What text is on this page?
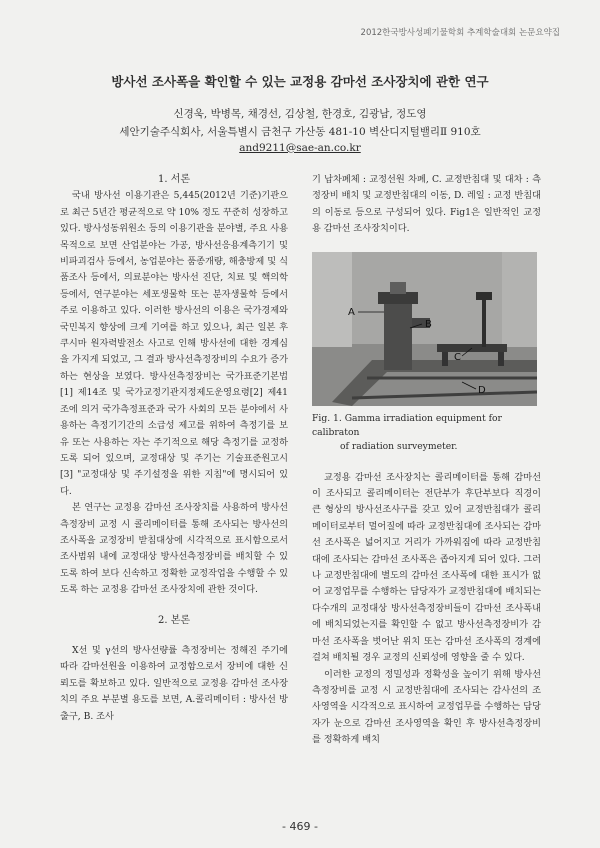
2012한국방사성폐기물학회 추계학술대회 논문요약집

방사선 조사폭을 확인할 수 있는 교정용 감마선 조사장치에 관한 연구

신경욱, 박병목, 채경선, 김상철, 한경호, 김광남, 정도영

세안기술주식회사, 서울특별시 금천구 가산동 481-10 벽산디지털밸리Ⅱ 910호

and9211@sae-an.co.kr

1. 서론

국내 방사선 이용기관은 5,445(2012년 기준)기관으로 최근 5년간 평균적으로 약 10% 정도 꾸준히 성장하고 있다. 방사성동위원소 등의 이용기관을 분야별, 주요 사용목적으로 보면 산업분야는 가공, 방사선응용계측기기 및 비파괴검사 등에서, 농업분야는 품종개량, 해충방제 및 식품조사 등에서, 의료분야는 방사선 진단, 치료 및 핵의학 등에서, 연구분야는 세포생물학 또는 분자생물학 등에서 주로 이용하고 있다. 이러한 방사선의 이용은 국가경제와 국민복지 향상에 크게 기여를 하고 있으나, 최근 일본 후쿠시마 원자력발전소 사고로 인해 방사선에 대한 경계심을 가지게 되었고, 그 결과 방사선측정장비의 수요가 증가하는 현상을 보였다. 방사선측정장비는 국가표준기본법[1] 제14조 및 국가교정기관지정제도운영요령[2] 제41조에 의거 국가측정표준과 국가 사회의 모든 분야에서 사용하는 측정기기간의 소급성 제고를 위하여 측정기를 보유 또는 사용하는 자는 주기적으로 해당 측정기를 교정하도록 되어 있으며, 교정대상 및 주기는 기술표준원고시[3] "교정대상 및 주기설정을 위한 지침"에 명시되어 있다.

본 연구는 교정용 감마선 조사장치를 사용하여 방사선측정장비 교정 시 콜리메이터를 통해 조사되는 방사선의 조사폭을 교정장비 받침대상에 시각적으로 표시함으로서 조사범위 내에 교정대상 방사선측정장비를 배치할 수 있도록 하여 보다 신속하고 정확한 교정작업을 수행할 수 있도록 하는 교정용 감마선 조사장치에 관한 것이다.

2. 본론

X선 및 γ선의 방사선량률 측정장비는 정해진 주기에 따라 감마선원을 이용하여 교정함으로서 장비에 대한 신뢰도를 확보하고 있다. 일반적으로 교정용 감마선 조사장치의 주요 부분별 용도를 보면, A.콜리메이터 : 방사선 방출구, B. 조사

기 납차폐체 : 교정선원 차폐, C. 교정반침대 및 대차 : 측정장비 배치 및 교정반침대의 이동, D. 레일 : 교정 반침대의 이동로 등으로 구성되어 있다. Fig1은 일반적인 교정용 감마선 조사장치이다.

A
B
C
D

Fig. 1. Gamma irradiation equipment for calibraton
of radiation surveymeter.

교정용 감마선 조사장치는 콜리메이터를 통해 감마선이 조사되고 콜리메이터는 전단부가 후단부보다 직경이 큰 형상의 방사선조사구를 갖고 있어 교정반침대가 콜리메이터로부터 멀어질에 따라 교정반침대에 조사되는 감마선 조사폭은 넓어지고 거리가 가까워짐에 따라 교정반침대에 조사되는 감마선 조사폭은 좁아지게 되어 있다. 그러나 교정반침대에 별도의 감마선 조사폭에 대한 표시가 없어 교정업무를 수행하는 담당자가 교정반침대에 배치되는 다수개의 교정대상 방사선측정장비들이 감마선 조사폭내에 배치되었는지를 확인할 수 없고 방사선측정장비가 감마선 조사폭을 벗어난 위치 또는 감마선 조사폭의 경계에 걸쳐 배치될 경우 교정의 신뢰성에 영향을 줄 수 있다.

이러한 교정의 정밀성과 정확성을 높이기 위해 방사선측정장비를 교정 시 교정반침대에 조사되는 감사선의 조사영역을 시각적으로 표시하여 교정업무를 수행하는 담당자가 눈으로 감마선 조사영역을 확인 후 방사선측정장비를 정확하게 배치

- 469 -
